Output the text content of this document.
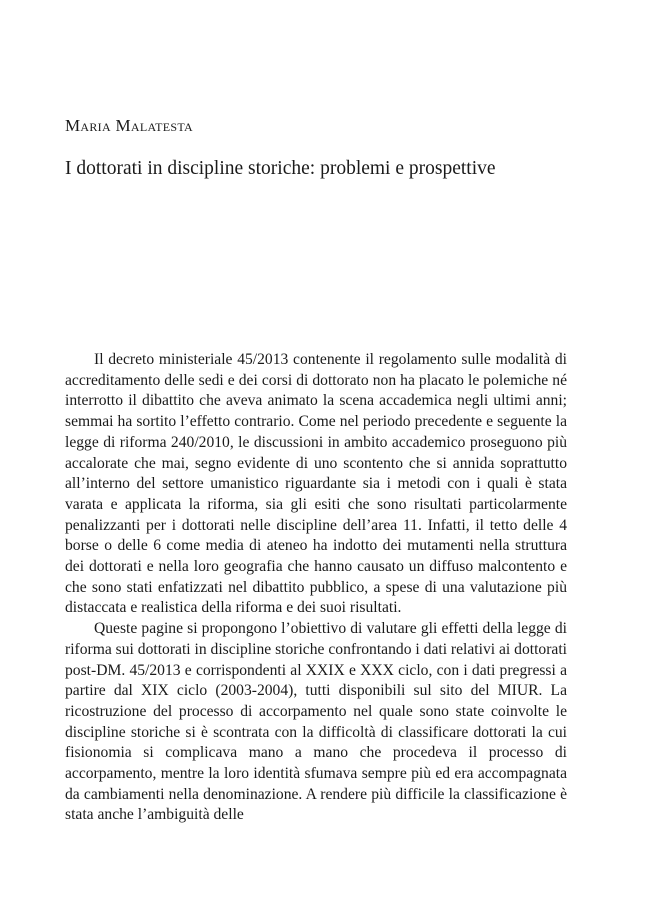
Maria Malatesta
I dottorati in discipline storiche: problemi e prospettive

Il decreto ministeriale 45/2013 contenente il regolamento sulle modalità di accreditamento delle sedi e dei corsi di dottorato non ha placato le polemiche né interrotto il dibattito che aveva animato la scena accademica negli ultimi anni; semmai ha sortito l’effetto contrario. Come nel periodo precedente e seguente la legge di riforma 240/2010, le discussioni in ambito accademico proseguono più accalorate che mai, segno evidente di uno scontento che si annida soprattutto all’interno del settore umanistico riguardante sia i metodi con i quali è stata varata e applicata la riforma, sia gli esiti che sono risultati particolarmente penalizzanti per i dottorati nelle discipline dell’area 11. Infatti, il tetto delle 4 borse o delle 6 come media di ateneo ha indotto dei mutamenti nella struttura dei dottorati e nella loro geografia che hanno causato un diffuso malcontento e che sono stati enfatizzati nel dibattito pubblico, a spese di una valutazione più distaccata e realistica della riforma e dei suoi risultati.

Queste pagine si propongono l’obiettivo di valutare gli effetti della legge di riforma sui dottorati in discipline storiche confrontando i dati relativi ai dottorati post-DM. 45/2013 e corrispondenti al XXIX e XXX ciclo, con i dati pregressi a partire dal XIX ciclo (2003-2004), tutti disponibili sul sito del MIUR. La ricostruzione del processo di accorpamento nel quale sono state coinvolte le discipline storiche si è scontrata con la difficoltà di classificare dottorati la cui fisionomia si complicava mano a mano che procedeva il processo di accorpamento, mentre la loro identità sfumava sempre più ed era accompagnata da cambiamenti nella denominazione. A rendere più difficile la classificazione è stata anche l’ambiguità delle
